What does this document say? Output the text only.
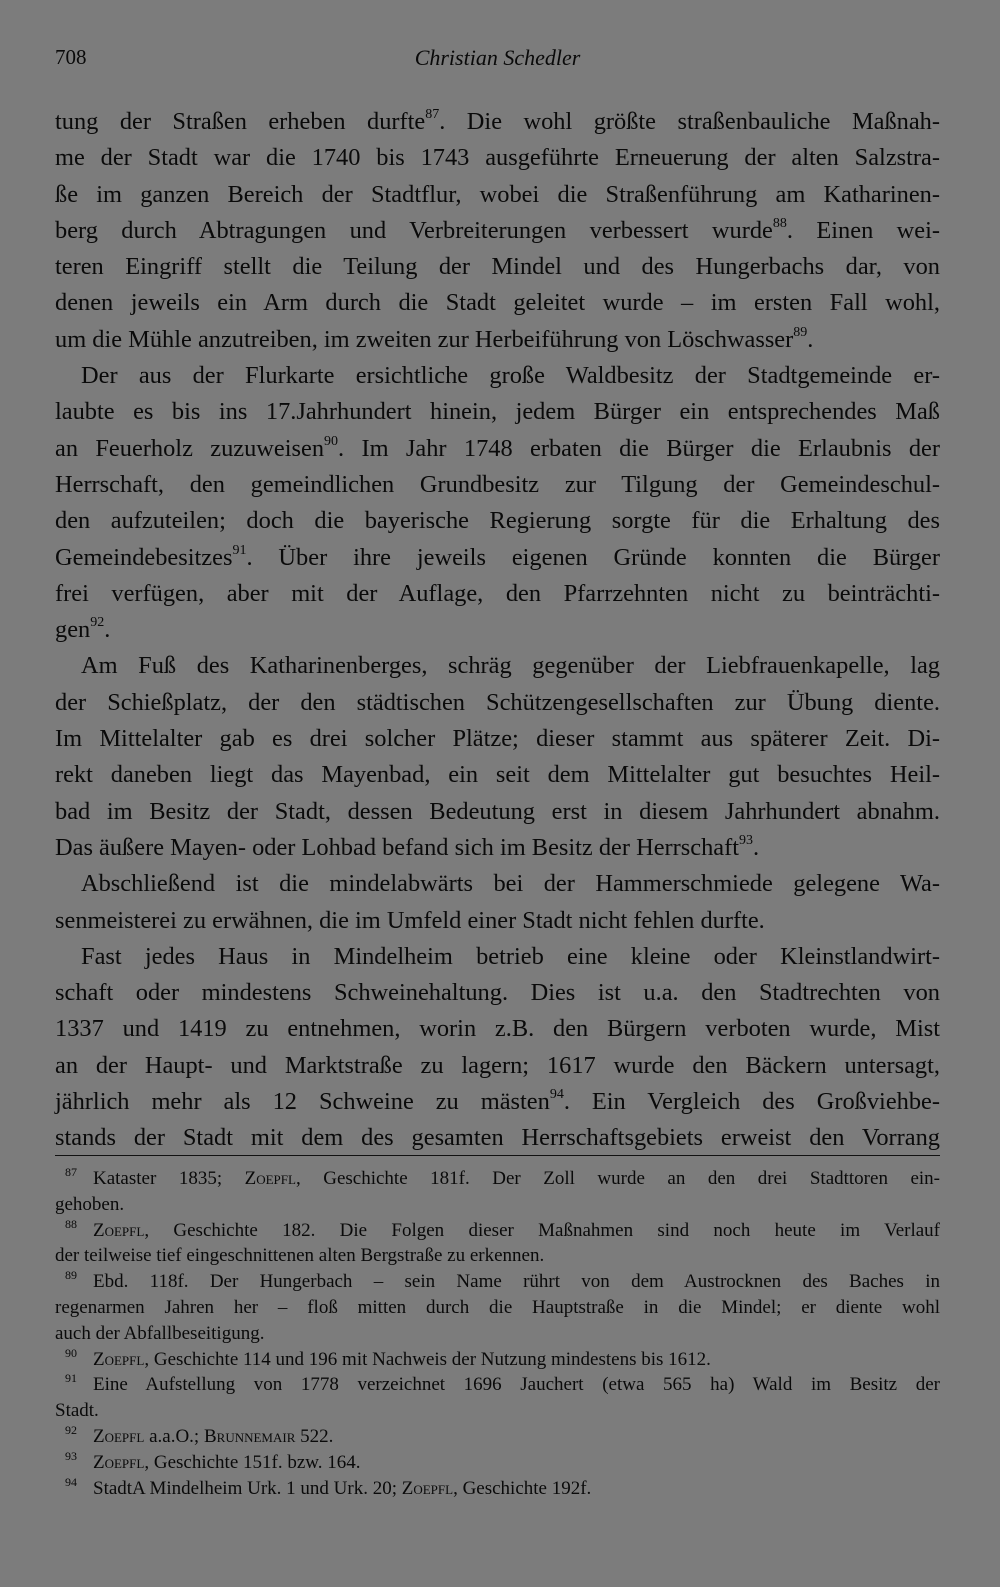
708	Christian Schedler
tung der Straßen erheben durfte$^{87}$. Die wohl größte straßenbauliche Maßnah-
me der Stadt war die 1740 bis 1743 ausgeführte Erneuerung der alten Salzstra-
ße im ganzen Bereich der Stadtflur, wobei die Straßenführung am Katharinen-
berg durch Abtragungen und Verbreiterungen verbessert wurde$^{88}$. Einen wei-
teren Eingriff stellt die Teilung der Mindel und des Hungerbachs dar, von
denen jeweils ein Arm durch die Stadt geleitet wurde – im ersten Fall wohl,
um die Mühle anzutreiben, im zweiten zur Herbeiführung von Löschwasser$^{89}$.
Der aus der Flurkarte ersichtliche große Waldbesitz der Stadtgemeinde er-
laubte es bis ins 17.Jahrhundert hinein, jedem Bürger ein entsprechendes Maß
an Feuerholz zuzuweisen$^{90}$. Im Jahr 1748 erbaten die Bürger die Erlaubnis der
Herrschaft, den gemeindlichen Grundbesitz zur Tilgung der Gemeindeschul-
den aufzuteilen; doch die bayerische Regierung sorgte für die Erhaltung des
Gemeindebesitzes$^{91}$. Über ihre jeweils eigenen Gründe konnten die Bürger
frei verfügen, aber mit der Auflage, den Pfarrzehnten nicht zu beinträchti-
gen$^{92}$.
Am Fuß des Katharinenberges, schräg gegenüber der Liebfrauenkapelle, lag
der Schießplatz, der den städtischen Schützengesellschaften zur Übung diente.
Im Mittelalter gab es drei solcher Plätze; dieser stammt aus späterer Zeit. Di-
rekt daneben liegt das Mayenbad, ein seit dem Mittelalter gut besuchtes Heil-
bad im Besitz der Stadt, dessen Bedeutung erst in diesem Jahrhundert abnahm.
Das äußere Mayen- oder Lohbad befand sich im Besitz der Herrschaft$^{93}$.
Abschließend ist die mindelabwärts bei der Hammerschmiede gelegene Wa-
senmeisterei zu erwähnen, die im Umfeld einer Stadt nicht fehlen durfte.
Fast jedes Haus in Mindelheim betrieb eine kleine oder Kleinstlandwirt-
schaft oder mindestens Schweinehaltung. Dies ist u.a. den Stadtrechten von
1337 und 1419 zu entnehmen, worin z.B. den Bürgern verboten wurde, Mist
an der Haupt- und Marktstraße zu lagern; 1617 wurde den Bäckern untersagt,
jährlich mehr als 12 Schweine zu mästen$^{94}$. Ein Vergleich des Großviehbe-
stands der Stadt mit dem des gesamten Herrschaftsgebiets erweist den Vorrang
$^{87}$ Kataster 1835; Zoepfl, Geschichte 181f. Der Zoll wurde an den drei Stadttoren ein-
gehoben.
$^{88}$ Zoepfl, Geschichte 182. Die Folgen dieser Maßnahmen sind noch heute im Verlauf
der teilweise tief eingeschnittenen alten Bergstraße zu erkennen.
$^{89}$ Ebd. 118f. Der Hungerbach – sein Name rührt von dem Austrocknen des Baches in
regenarmen Jahren her – floß mitten durch die Hauptstraße in die Mindel; er diente wohl
auch der Abfallbeseitigung.
$^{90}$ Zoepfl, Geschichte 114 und 196 mit Nachweis der Nutzung mindestens bis 1612.
$^{91}$ Eine Aufstellung von 1778 verzeichnet 1696 Jauchert (etwa 565 ha) Wald im Besitz der
Stadt.
$^{92}$ Zoepfl a.a.O.; Brunnemair 522.
$^{93}$ Zoepfl, Geschichte 151f. bzw. 164.
$^{94}$ StadtA Mindelheim Urk. 1 und Urk. 20; Zoepfl, Geschichte 192f.
